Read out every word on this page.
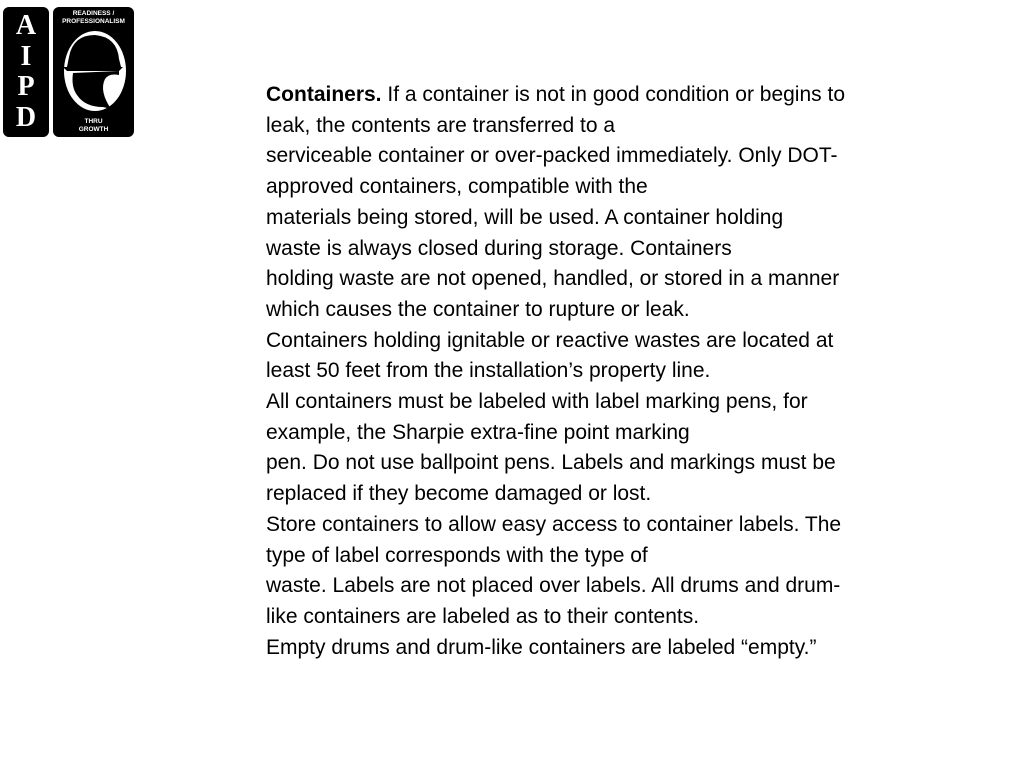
A
I
P
D
READINESS /
PROFESSIONALISM
THRU
GROWTH
Containers. If a container is not in good condition or begins to
leak, the contents are transferred to a
serviceable container or over-packed immediately. Only DOT-
approved containers, compatible with the
materials being stored, will be used. A container holding
waste is always closed during storage. Containers
holding waste are not opened, handled, or stored in a manner
which causes the container to rupture or leak.
Containers holding ignitable or reactive wastes are located at
least 50 feet from the installation’s property line.
All containers must be labeled with label marking pens, for
example, the Sharpie extra-fine point marking
pen. Do not use ballpoint pens. Labels and markings must be
replaced if they become damaged or lost.
Store containers to allow easy access to container labels. The
type of label corresponds with the type of
waste. Labels are not placed over labels. All drums and drum-
like containers are labeled as to their contents.
Empty drums and drum-like containers are labeled “empty.”
